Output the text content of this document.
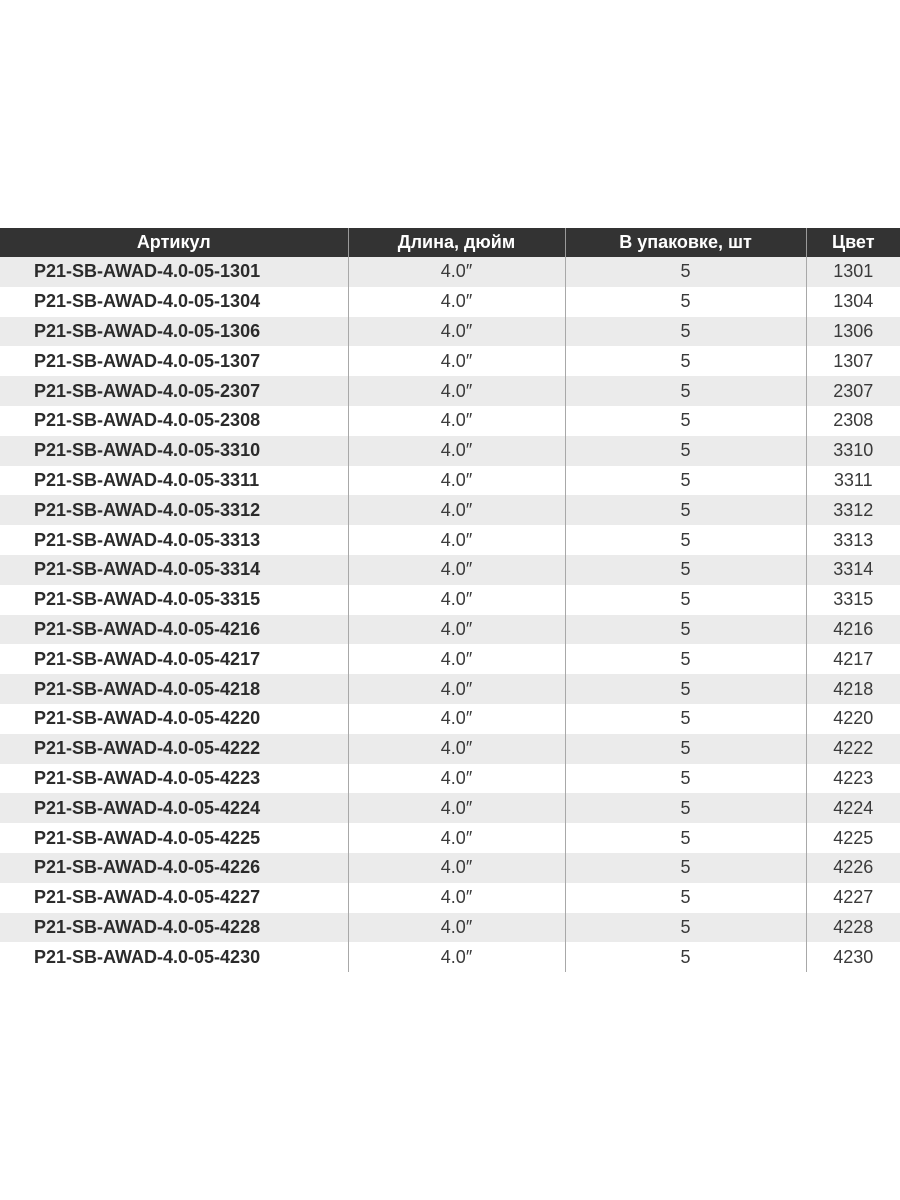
Артикул	Длина, дюйм	В упаковке, шт	Цвет
P21-SB-AWAD-4.0-05-1301	4.0″	5	1301
P21-SB-AWAD-4.0-05-1304	4.0″	5	1304
P21-SB-AWAD-4.0-05-1306	4.0″	5	1306
P21-SB-AWAD-4.0-05-1307	4.0″	5	1307
P21-SB-AWAD-4.0-05-2307	4.0″	5	2307
P21-SB-AWAD-4.0-05-2308	4.0″	5	2308
P21-SB-AWAD-4.0-05-3310	4.0″	5	3310
P21-SB-AWAD-4.0-05-3311	4.0″	5	3311
P21-SB-AWAD-4.0-05-3312	4.0″	5	3312
P21-SB-AWAD-4.0-05-3313	4.0″	5	3313
P21-SB-AWAD-4.0-05-3314	4.0″	5	3314
P21-SB-AWAD-4.0-05-3315	4.0″	5	3315
P21-SB-AWAD-4.0-05-4216	4.0″	5	4216
P21-SB-AWAD-4.0-05-4217	4.0″	5	4217
P21-SB-AWAD-4.0-05-4218	4.0″	5	4218
P21-SB-AWAD-4.0-05-4220	4.0″	5	4220
P21-SB-AWAD-4.0-05-4222	4.0″	5	4222
P21-SB-AWAD-4.0-05-4223	4.0″	5	4223
P21-SB-AWAD-4.0-05-4224	4.0″	5	4224
P21-SB-AWAD-4.0-05-4225	4.0″	5	4225
P21-SB-AWAD-4.0-05-4226	4.0″	5	4226
P21-SB-AWAD-4.0-05-4227	4.0″	5	4227
P21-SB-AWAD-4.0-05-4228	4.0″	5	4228
P21-SB-AWAD-4.0-05-4230	4.0″	5	4230
